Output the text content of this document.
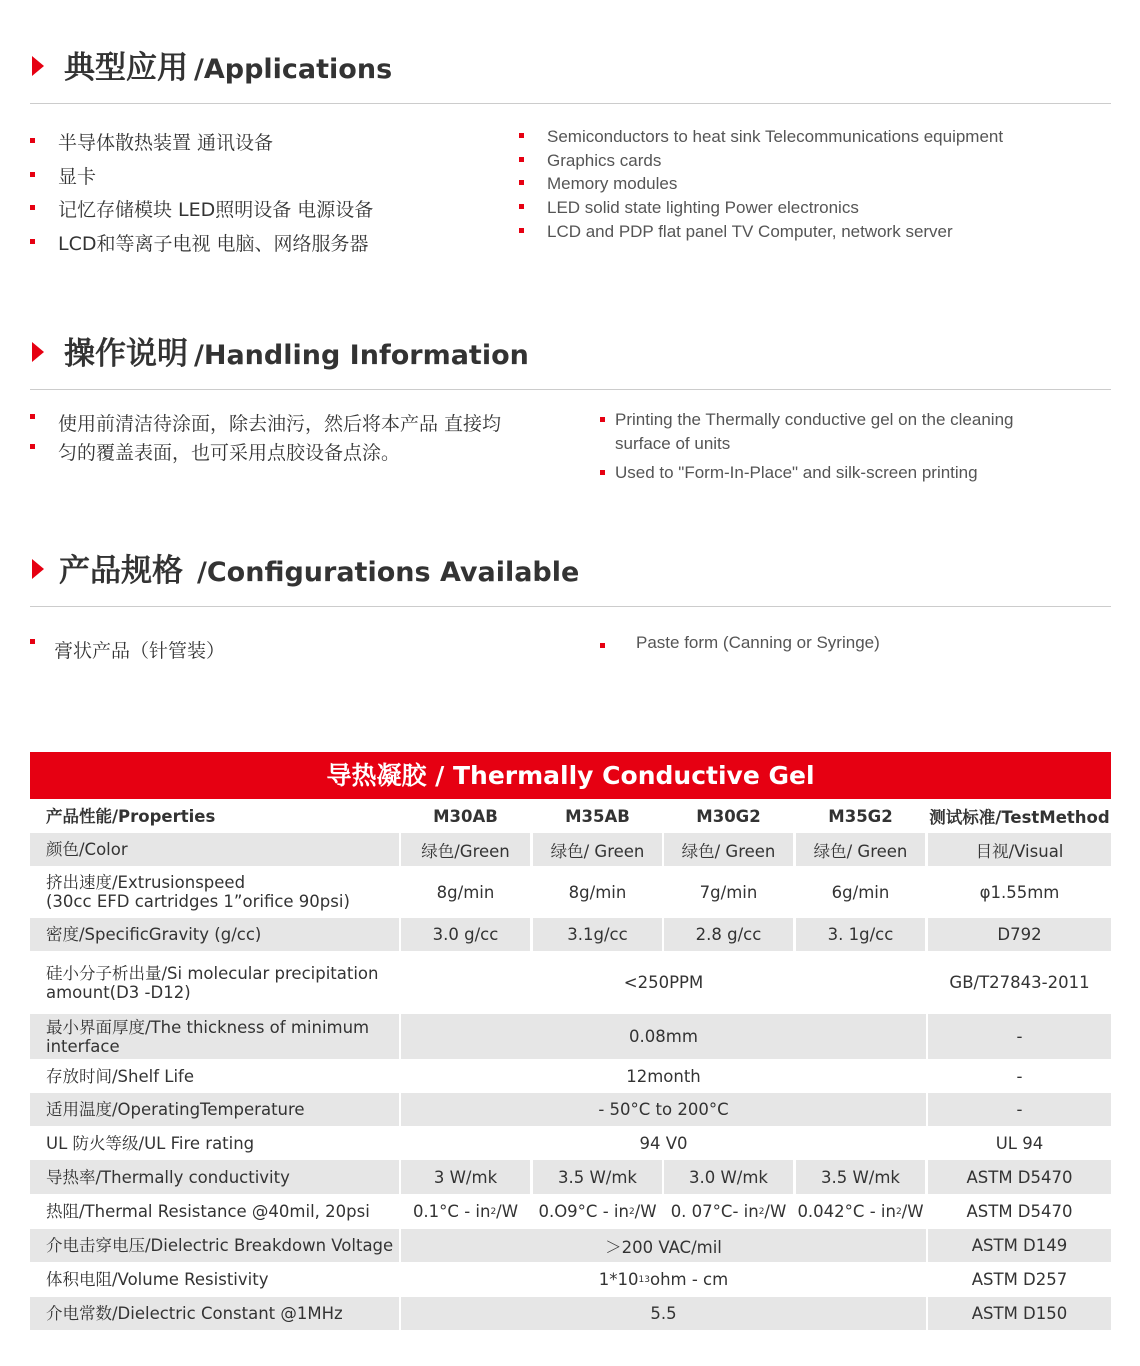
典型应用 /Applications
半导体散热装置 通讯设备
显卡
记忆存储模块 LED照明设备 电源设备
LCD和等离子电视 电脑、网络服务器
Semiconductors to heat sink Telecommunications equipment
Graphics cards
Memory modules
LED solid state lighting Power electronics
LCD and PDP flat panel TV Computer, network server
操作说明 /Handling Information
使用前清洁待涂面，除去油污，然后将本产品 直接均
匀的覆盖表面，也可采用点胶设备点涂。
Printing the Thermally conductive gel on the cleaning
surface of units
Used to "Form-In-Place" and silk-screen printing
产品规格 /Configurations Available
膏状产品（针管装）	Paste form (Canning or Syringe)
导热凝胶 / Thermally Conductive Gel
产品性能/Properties	M30AB	M35AB	M30G2	M35G2	测试标准/TestMethod
颜色/Color	绿色/Green	绿色/ Green	绿色/ Green	绿色/ Green	目视/Visual
挤出速度/Extrusionspeed
(30cc EFD cartridges 1”orifice 90psi)	8g/min	8g/min	7g/min	6g/min	φ1.55mm
密度/SpecificGravity (g/cc)	3.0 g/cc	3.1g/cc	2.8 g/cc	3. 1g/cc	D792
硅小分子析出量/Si molecular precipitation
amount(D3 -D12)	<250PPM	GB/T27843-2011
最小界面厚度/The thickness of minimum
interface	0.08mm	-
存放时间/Shelf Life	12month	-
适用温度/OperatingTemperature	- 50°C to 200°C	-
UL 防火等级/UL Fire rating	94 V0	UL 94
导热率/Thermally conductivity	3 W/mk	3.5 W/mk	3.0 W/mk	3.5 W/mk	ASTM D5470
热阻/Thermal Resistance @40mil, 20psi	0.1°C - in 2 /W 0.O9°C - in 2 /W 0. 07°C- in 2 /W 0.042°C - in 2 /W	ASTM D5470
介电击穿电压/Dielectric Breakdown Voltage	＞200 VAC/mil	ASTM D149
体积电阻/Volume Resistivity	1*10 13 ohm - cm	ASTM D257
介电常数/Dielectric Constant @1MHz	5.5	ASTM D150
